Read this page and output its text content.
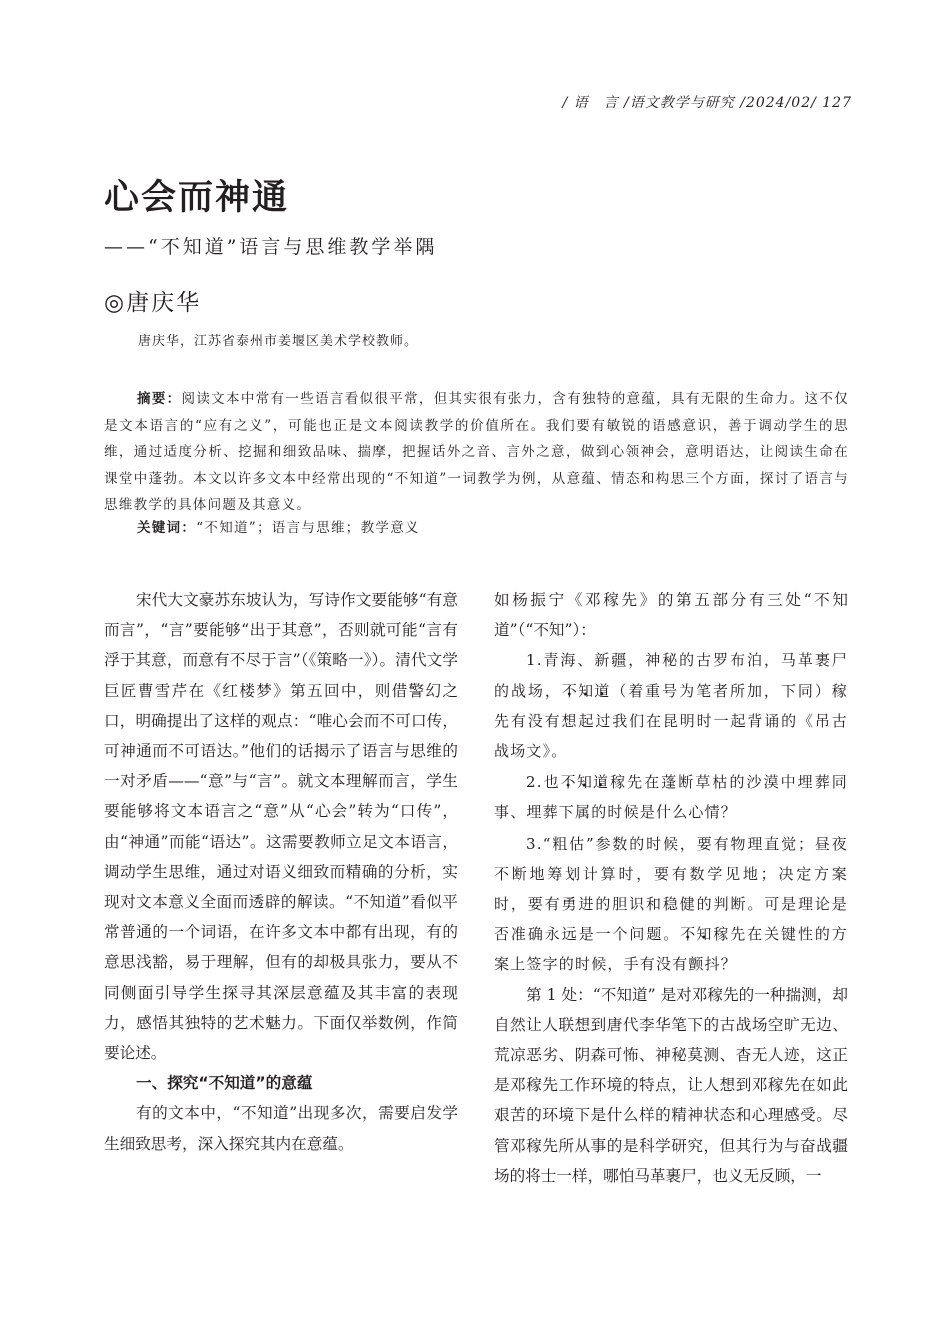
/ 语　言 /语文教学与研究 /2024/02/ 127
心会而神通
——“不知道”语言与思维教学举隅
◎唐庆华
唐庆华，江苏省泰州市姜堰区美术学校教师。

摘要：阅读文本中常有一些语言看似很平常，但其实很有张力，含有独特的意蕴，具有无限的生命力。这不仅是文本语言的“应有之义”，可能也正是文本阅读教学的价值所在。我们要有敏锐的语感意识，善于调动学生的思维，通过适度分析、挖掘和细致品味、揣摩，把握话外之音、言外之意，做到心领神会，意明语达，让阅读生命在课堂中蓬勃。本文以许多文本中经常出现的“不知道”一词教学为例，从意蕴、情态和构思三个方面，探讨了语言与思维教学的具体问题及其意义。

关键词：“不知道”；语言与思维；教学意义

宋代大文豪苏东坡认为，写诗作文要能够“有意而言”，“言”要能够“出于其意”，否则就可能“言有浮于其意，而意有不尽于言”（《策略一》）。清代文学巨匠曹雪芹在《红楼梦》第五回中，则借警幻之口，明确提出了这样的观点：“唯心会而不可口传，可神通而不可语达。”他们的话揭示了语言与思维的一对矛盾——“意”与“言”。就文本理解而言，学生要能够将文本语言之“意”从“心会”转为“口传”，由“神通”而能“语达”。这需要教师立足文本语言，调动学生思维，通过对语义细致而精确的分析，实现对文本意义全面而透辟的解读。“不知道”看似平常普通的一个词语，在许多文本中都有出现，有的意思浅豁，易于理解，但有的却极具张力，要从不同侧面引导学生探寻其深层意蕴及其丰富的表现力，感悟其独特的艺术魅力。下面仅举数例，作简要论述。

一、探究“不知道”的意蕴

有的文本中，“不知道”出现多次，需要启发学生细致思考，深入探究其内在意蕴。

如杨振宁《邓稼先》的第五部分有三处“不知道”（“不知”）：

1.青海、新疆，神秘的古罗布泊，马革裹尸的战场，不 •知 •道 •（着重号为笔者所加，下同）稼先有没有想起过我们在昆明时一起背诵的《吊古战场文》。

2.也不 •知 •道 •稼先在蓬断草枯的沙漠中埋葬同事、埋葬下属的时候是什么心情？

3.“粗估”参数的时候，要有物理直觉；昼夜不断地筹划计算时，要有数学见地；决定方案时，要有勇进的胆识和稳健的判断。可是理论是否准确永远是一个问题。不 •知 •稼先在关键性的方案上签字的时候，手有没有颤抖？

第 1 处：“不知道” 是对邓稼先的一种揣测，却自然让人联想到唐代李华笔下的古战场空旷无边、荒凉恶劣、阴森可怖、神秘莫测、杳无人迹，这正是邓稼先工作环境的特点，让人想到邓稼先在如此艰苦的环境下是什么样的精神状态和心理感受。尽管邓稼先所从事的是科学研究，但其行为与奋战疆场的将士一样，哪怕马革裹尸，也义无反顾，一
